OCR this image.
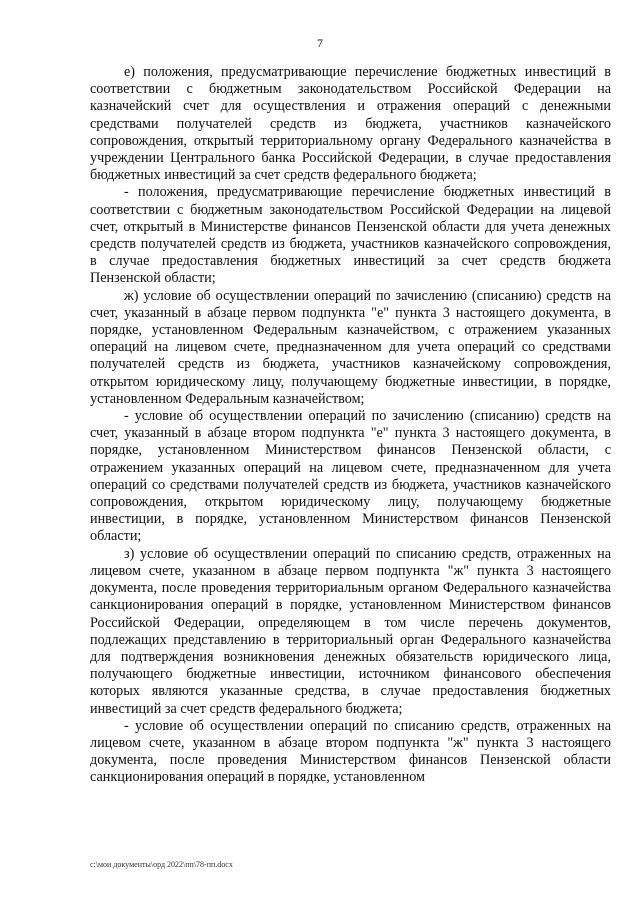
7

е) положения, предусматривающие перечисление бюджетных инвестиций в соответствии с бюджетным законодательством Российской Федерации на казначейский счет для осуществления и отражения операций с денежными средствами получателей средств из бюджета, участников казначейского сопровождения, открытый территориальному органу Федерального казначейства в учреждении Центрального банка Российской Федерации, в случае предоставления бюджетных инвестиций за счет средств федерального бюджета;

- положения, предусматривающие перечисление бюджетных инвестиций в соответствии с бюджетным законодательством Российской Федерации на лицевой счет, открытый в Министерстве финансов Пензенской области для учета денежных средств получателей средств из бюджета, участников казначейского сопровождения, в случае предоставления бюджетных инвестиций за счет средств бюджета Пензенской области;

ж) условие об осуществлении операций по зачислению (списанию) средств на счет, указанный в абзаце первом подпункта "е" пункта 3 настоящего документа, в порядке, установленном Федеральным казначейством, с отражением указанных операций на лицевом счете, предназначенном для учета операций со средствами получателей средств из бюджета, участников казначейскому сопровождения, открытом юридическому лицу, получающему бюджетные инвестиции, в порядке, установленном Федеральным казначейством;

- условие об осуществлении операций по зачислению (списанию) средств на счет, указанный в абзаце втором подпункта "е" пункта 3 настоящего документа, в порядке, установленном Министерством финансов Пензенской области, с отражением указанных операций на лицевом счете, предназначенном для учета операций со средствами получателей средств из бюджета, участников казначейского сопровождения, открытом юридическому лицу, получающему бюджетные инвестиции, в порядке, установленном Министерством финансов Пензенской области;

з) условие об осуществлении операций по списанию средств, отраженных на лицевом счете, указанном в абзаце первом подпункта "ж" пункта 3 настоящего документа, после проведения территориальным органом Федерального казначейства санкционирования операций в порядке, установленном Министерством финансов Российской Федерации, определяющем в том числе перечень документов, подлежащих представлению в территориальный орган Федерального казначейства для подтверждения возникновения денежных обязательств юридического лица, получающего бюджетные инвестиции, источником финансового обеспечения которых являются указанные средства, в случае предоставления бюджетных инвестиций за счет средств федерального бюджета;

- условие об осуществлении операций по списанию средств, отраженных на лицевом счете, указанном в абзаце втором подпункта "ж" пункта 3 настоящего документа, после проведения Министерством финансов Пензенской области санкционирования операций в порядке, установленном

c:\мои документы\орд 2022\пп\78-пп.docx
